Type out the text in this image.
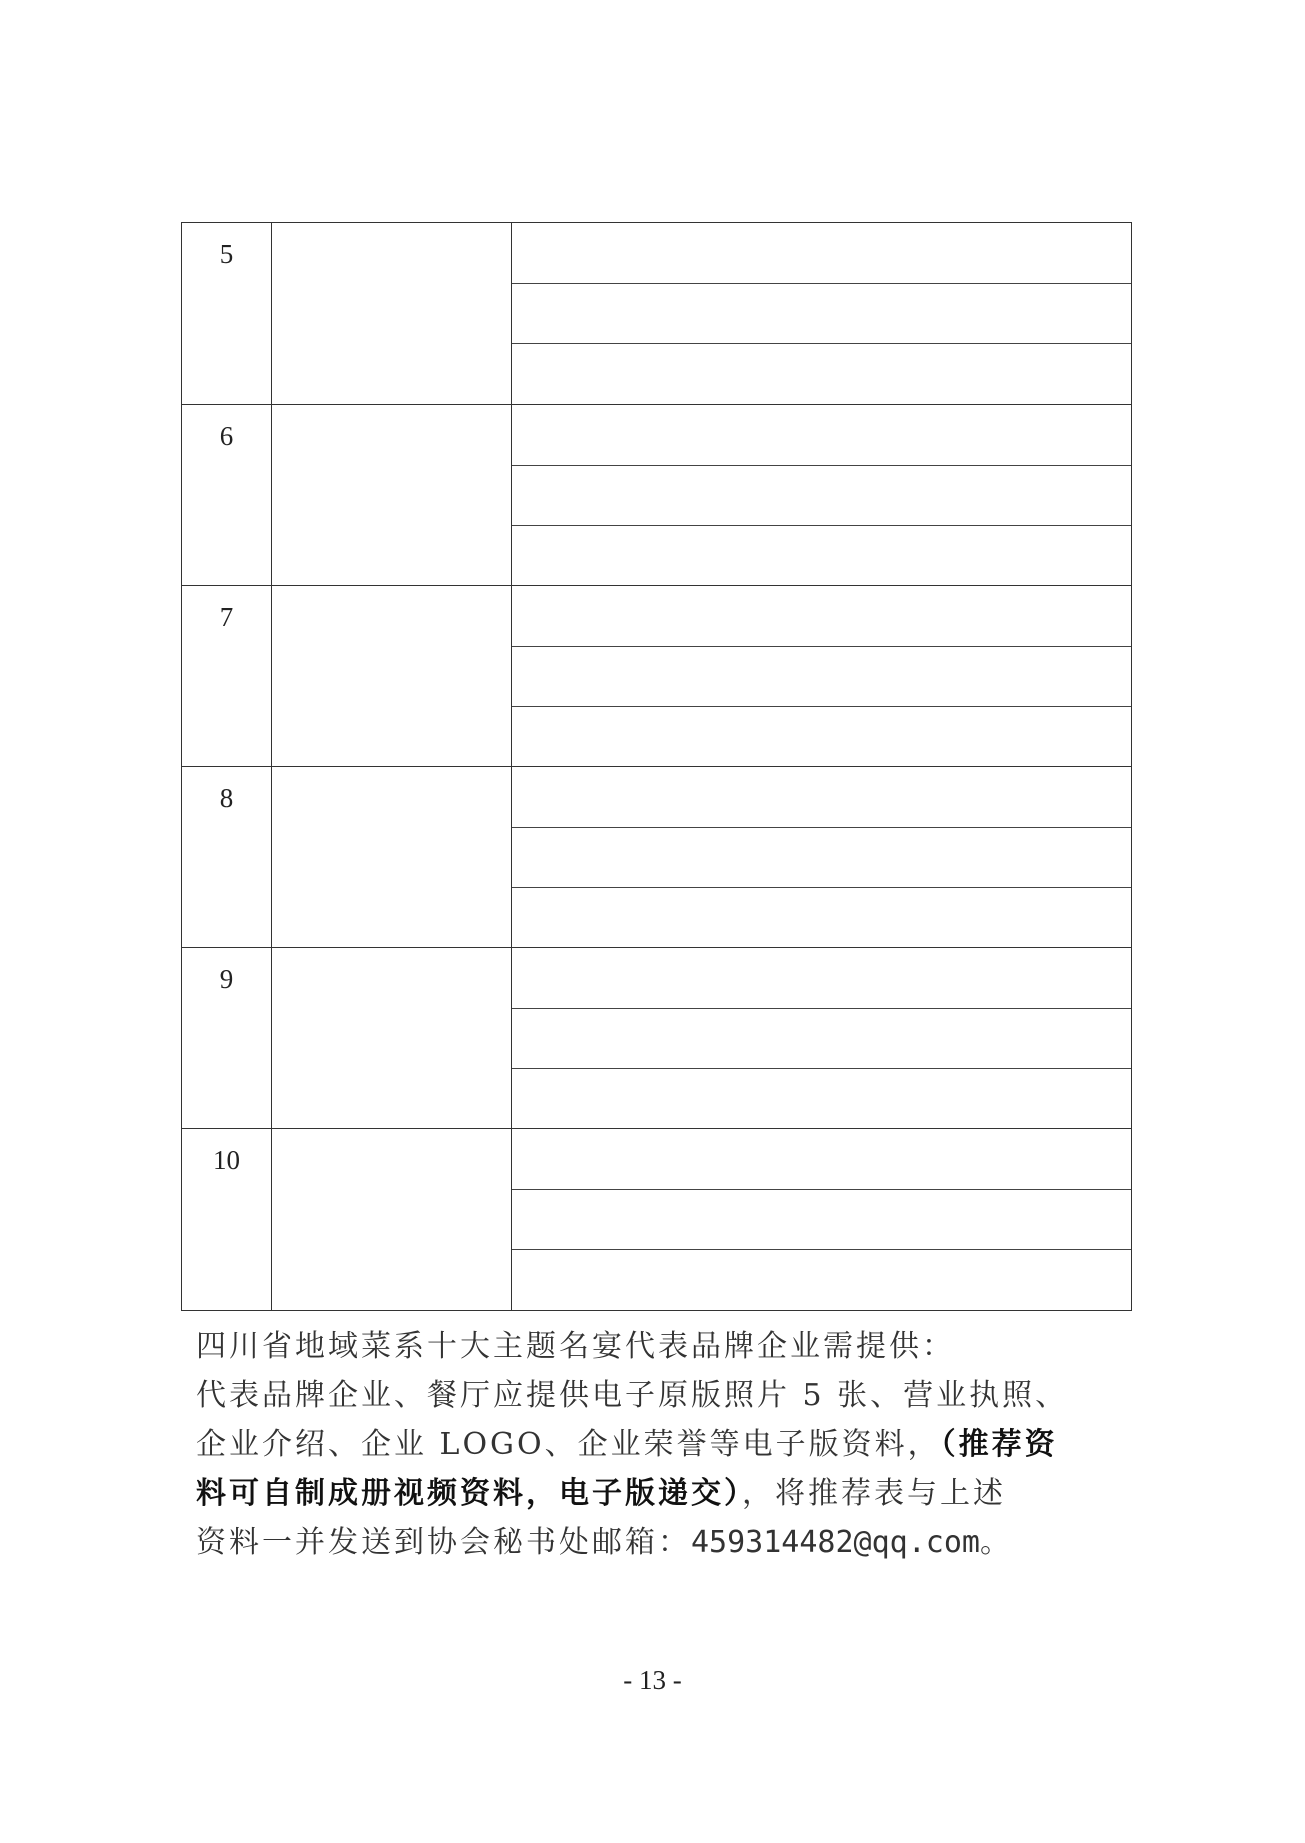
5
6
7
8
9
10

四川省地域菜系十大主题名宴代表品牌企业需提供：

代表品牌企业、餐厅应提供电子原版照片 5 张、营业执照、

企业介绍、企业 LOGO、企业荣誉等电子版资料，（推荐资

料可自制成册视频资料，电子版递交），将推荐表与上述

资料一并发送到协会秘书处邮箱：459314482@qq.com。

- 13 -
